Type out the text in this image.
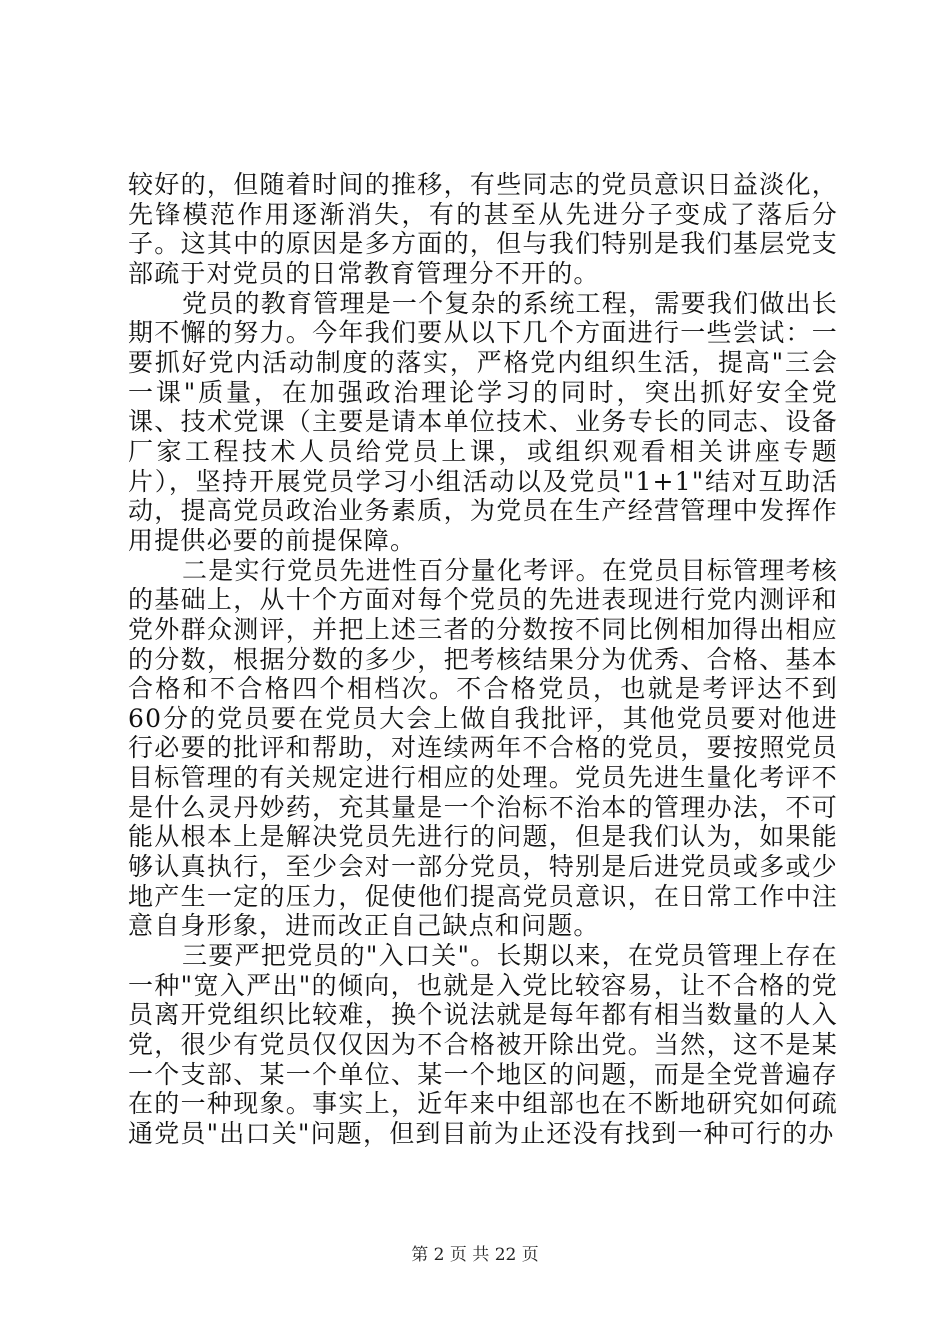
较好的，但随着时间的推移，有些同志的党员意识日益淡化，先锋模范作用逐渐消失，有的甚至从先进分子变成了落后分子。这其中的原因是多方面的，但与我们特别是我们基层党支部疏于对党员的日常教育管理分不开的。

党员的教育管理是一个复杂的系统工程，需要我们做出长期不懈的努力。今年我们要从以下几个方面进行一些尝试：一要抓好党内活动制度的落实，严格党内组织生活，提高"三会一课"质量，在加强政治理论学习的同时，突出抓好安全党课、技术党课（主要是请本单位技术、业务专长的同志、设备厂家工程技术人员给党员上课，或组织观看相关讲座专题片），坚持开展党员学习小组活动以及党员"1+1"结对互助活动，提高党员政治业务素质，为党员在生产经营管理中发挥作用提供必要的前提保障。

二是实行党员先进性百分量化考评。在党员目标管理考核的基础上，从十个方面对每个党员的先进表现进行党内测评和党外群众测评，并把上述三者的分数按不同比例相加得出相应的分数，根据分数的多少，把考核结果分为优秀、合格、基本合格和不合格四个相档次。不合格党员，也就是考评达不到60分的党员要在党员大会上做自我批评，其他党员要对他进行必要的批评和帮助，对连续两年不合格的党员，要按照党员目标管理的有关规定进行相应的处理。党员先进生量化考评不是什么灵丹妙药，充其量是一个治标不治本的管理办法，不可能从根本上是解决党员先进行的问题，但是我们认为，如果能够认真执行，至少会对一部分党员，特别是后进党员或多或少地产生一定的压力，促使他们提高党员意识，在日常工作中注意自身形象，进而改正自己缺点和问题。

三要严把党员的"入口关"。长期以来，在党员管理上存在一种"宽入严出"的倾向，也就是入党比较容易，让不合格的党员离开党组织比较难，换个说法就是每年都有相当数量的人入党，很少有党员仅仅因为不合格被开除出党。当然，这不是某一个支部、某一个单位、某一个地区的问题，而是全党普遍存在的一种现象。事实上，近年来中组部也在不断地研究如何疏通党员"出口关"问题，但到目前为止还没有找到一种可行的办

第 2 页 共 22 页
